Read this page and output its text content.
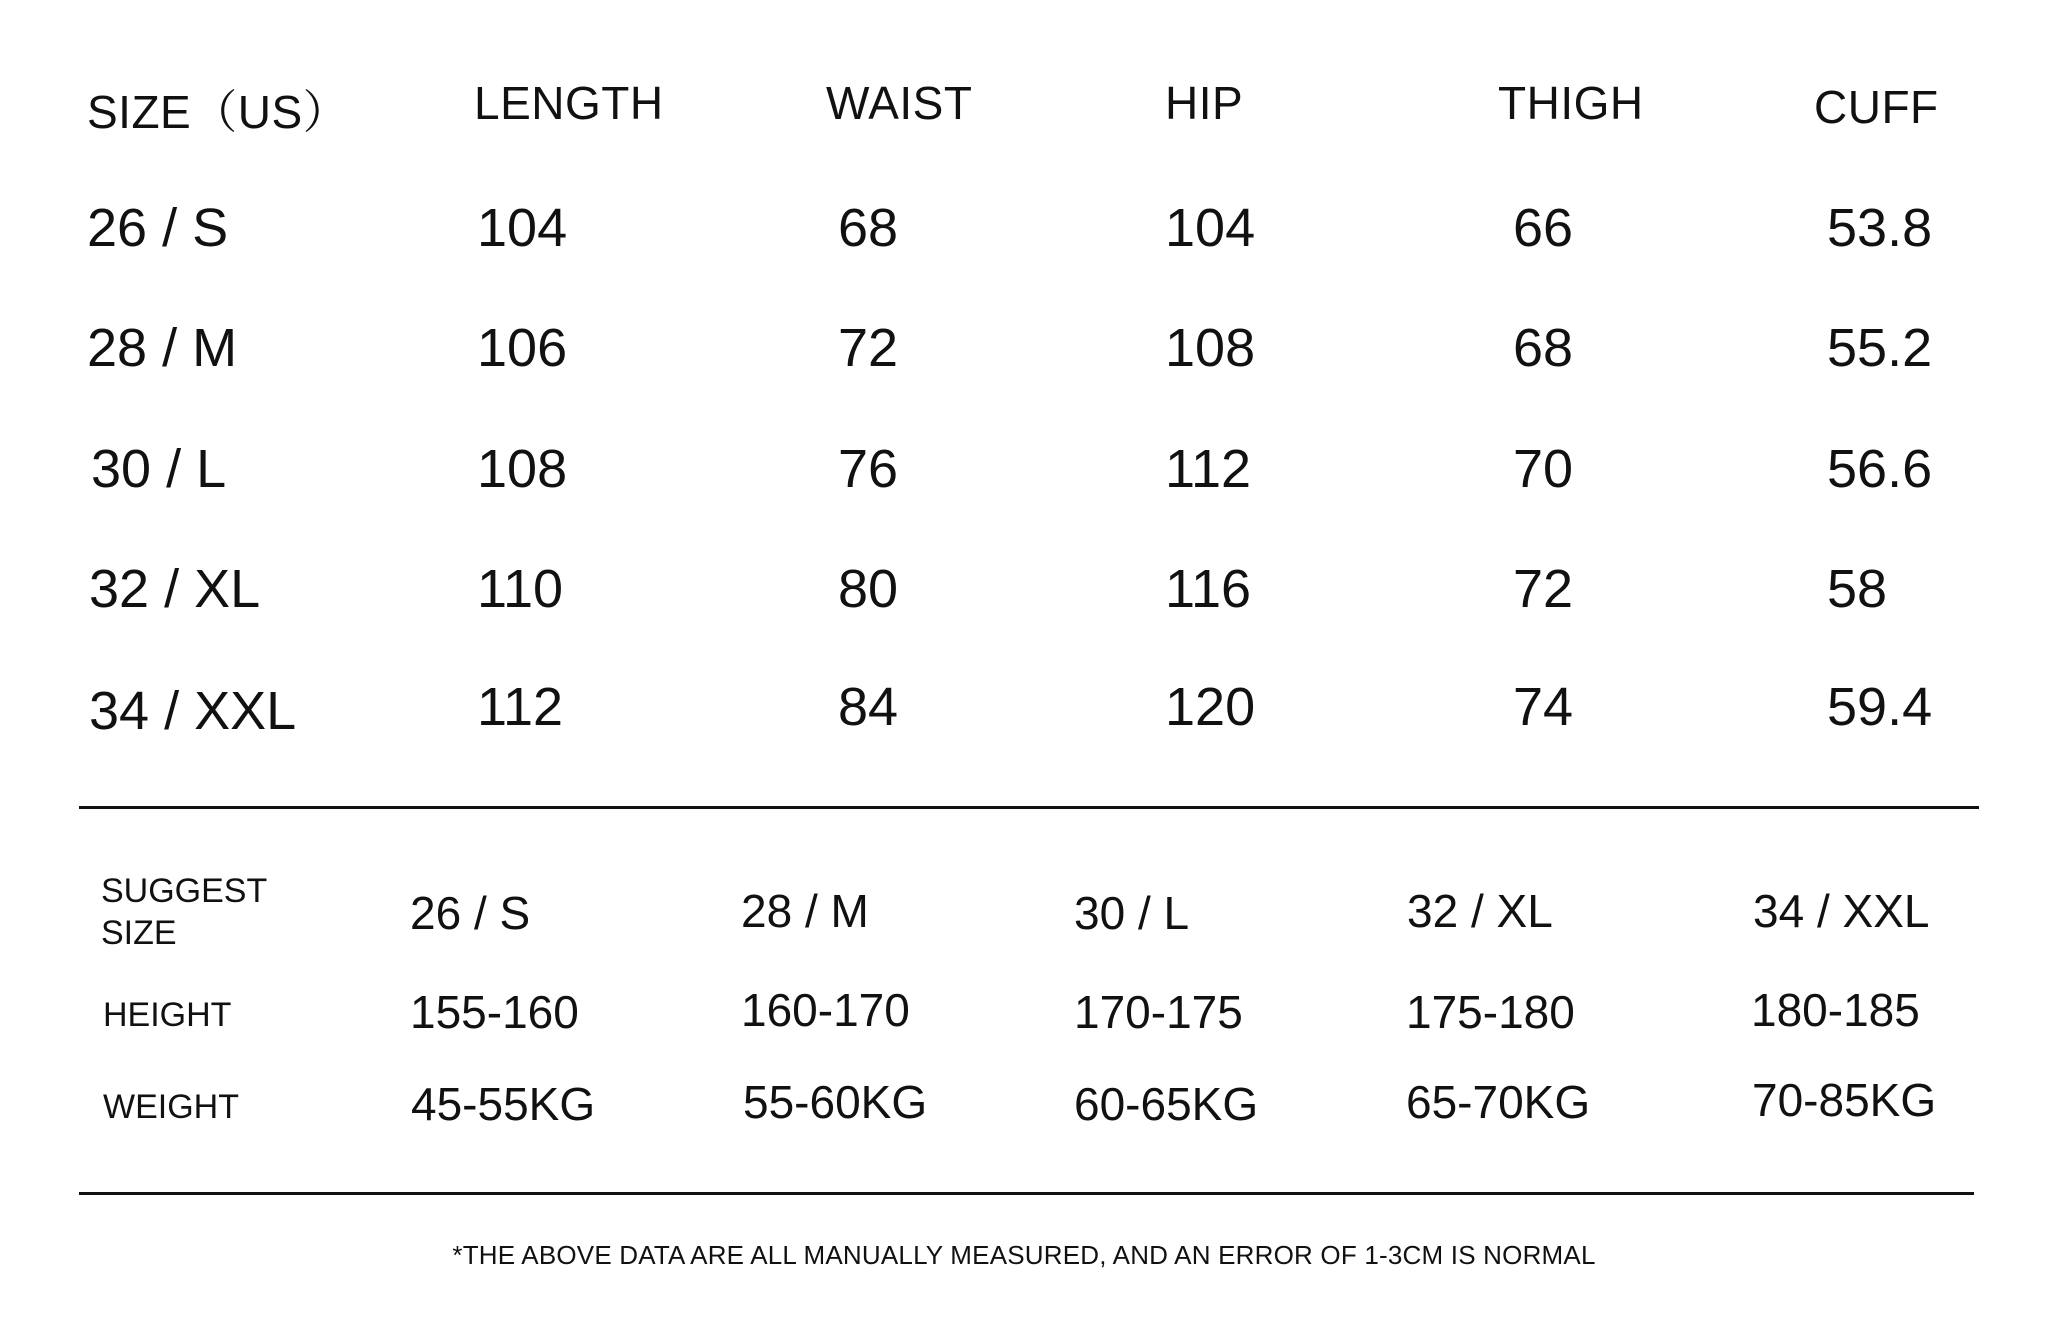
SIZE（US）	LENGTH	WAIST	HIP	THIGH	CUFF
26 / S	104	68	104	66	53.8
28 / M	106	72	108	68	55.2
30 / L	108	76	112	70	56.6
32 / XL	110	80	116	72	58
34 / XXL	112	84	120	74	59.4
SUGGEST
SIZE	26 / S	28 / M	30 / L	32 / XL	34 / XXL
HEIGHT	155-160	160-170	170-175	175-180	180-185
WEIGHT	45-55KG	55-60KG	60-65KG	65-70KG	70-85KG
*THE ABOVE DATA ARE ALL MANUALLY MEASURED, AND AN ERROR OF 1-3CM IS NORMAL
